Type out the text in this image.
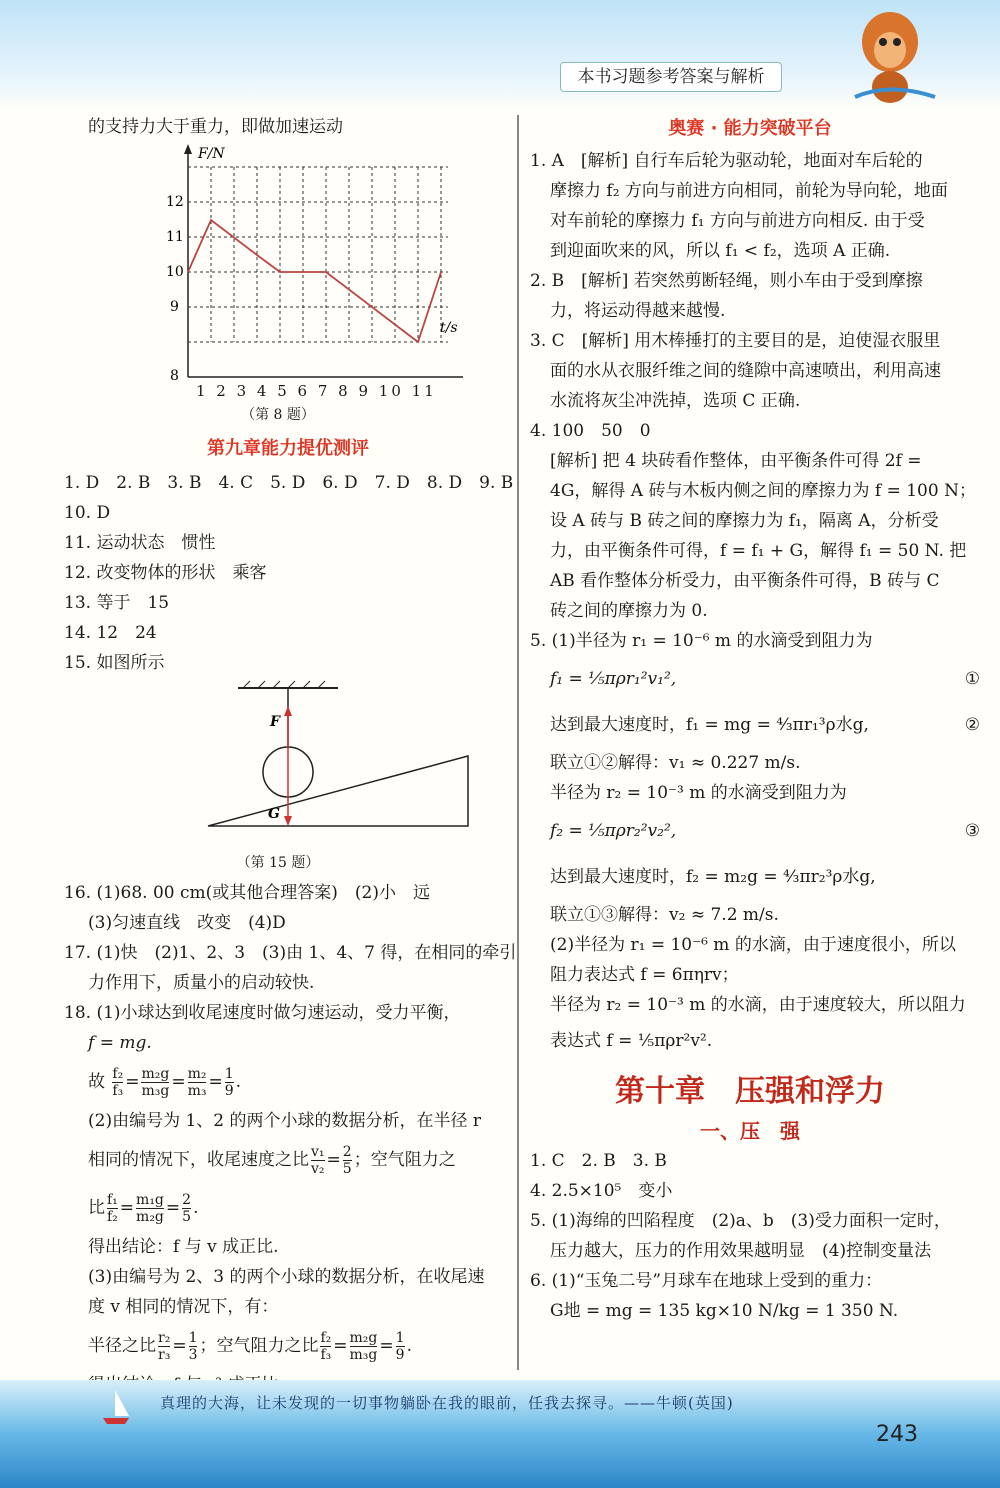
本书习题参考答案与解析

的支持力大于重力，即做加速运动

F/N
t/s
12
11
10
9
8

1 2 3 4 5 6 7 8 9 10 11

（第 8 题）

第九章能力提优测评

1. D　2. B　3. B　4. C　5. D　6. D　7. D　8. D　9. B

10. D

11. 运动状态　惯性

12. 改变物体的形状　乘客

13. 等于　15

14. 12　24

15. 如图所示

F
G

（第 15 题）

16. (1)68. 00 cm(或其他合理答案)　(2)小　远

(3)匀速直线　改变　(4)D

17. (1)快　(2)1、2、3　(3)由 1、4、7 得，在相同的牵引

力作用下，质量小的启动较快.

18. (1)小球达到收尾速度时做匀速运动，受力平衡，

f = mg.

故 $\frac{\text{f₂}}{\text{f₃}} = \frac{\text{m₂g}}{\text{m₃g}} = \frac{\text{m₂}}{\text{m₃}} = \frac{1}{9}$ .

(2)由编号为 1、2 的两个小球的数据分析，在半径 r

相同的情况下，收尾速度之比 $\frac{\text{v₁}}{\text{v₂}} = \frac{2}{5}$ ；空气阻力之

比 $\frac{\text{f₁}}{\text{f₂}} = \frac{\text{m₁g}}{\text{m₂g}} = \frac{2}{5}$ .

得出结论：f 与 v 成正比.

(3)由编号为 2、3 的两个小球的数据分析，在收尾速

度 v 相同的情况下，有：

半径之比 $\frac{\text{r₂}}{\text{r₃}} = \frac{1}{3}$ ；空气阻力之比 $\frac{\text{f₂}}{\text{f₃}} = \frac{\text{m₂g}}{\text{m₃g}} = \frac{1}{9}$ .

奥赛 · 能力突破平台

1. A　[解析] 自行车后轮为驱动轮，地面对车后轮的

摩擦力 f₂ 方向与前进方向相同，前轮为导向轮，地面

对车前轮的摩擦力 f₁ 方向与前进方向相反. 由于受

到迎面吹来的风，所以 f₁ < f₂，选项 A 正确.

2. B　[解析] 若突然剪断轻绳，则小车由于受到摩擦

力，将运动得越来越慢.

3. C　[解析] 用木棒捶打的主要目的是，迫使湿衣服里

面的水从衣服纤维之间的缝隙中高速喷出，利用高速

水流将灰尘冲洗掉，选项 C 正确.

4. 100　50　0

[解析] 把 4 块砖看作整体，由平衡条件可得 2f =

4G，解得 A 砖与木板内侧之间的摩擦力为 f = 100 N；

设 A 砖与 B 砖之间的摩擦力为 f₁，隔离 A，分析受

力，由平衡条件可得，f = f₁ + G，解得 f₁ = 50 N. 把

AB 看作整体分析受力，由平衡条件可得，B 砖与 C

砖之间的摩擦力为 0.

5. (1)半径为 r₁ = 10⁻⁶ m 的水滴受到阻力为

f₁ = ⅕πρr₁²v₁²,	①

达到最大速度时，f₁ = mg = ⁴⁄₃πr₁³ρ水g,	②

联立①②解得：v₁ ≈ 0.227 m/s.

半径为 r₂ = 10⁻³ m 的水滴受到阻力为

f₂ = ⅕πρr₂²v₂²,	③

达到最大速度时，f₂ = m₂g = ⁴⁄₃πr₂³ρ水g,

联立①③解得：v₂ ≈ 7.2 m/s.

(2)半径为 r₁ = 10⁻⁶ m 的水滴，由于速度很小，所以

阻力表达式 f = 6πηrv；

半径为 r₂ = 10⁻³ m 的水滴，由于速度较大，所以阻力

表达式 f = ⅕πρr²v².

第十章　压强和浮力

一、压　强

1. C　2. B　3. B

4. 2.5×10⁵　变小

5. (1)海绵的凹陷程度　(2)a、b　(3)受力面积一定时，

压力越大，压力的作用效果越明显　(4)控制变量法

6. (1)“玉兔二号”月球车在地球上受到的重力：

G地 = mg = 135 kg×10 N/kg = 1 350 N.

真理的大海，让未发现的一切事物躺卧在我的眼前，任我去探寻。——牛顿(英国)
243
